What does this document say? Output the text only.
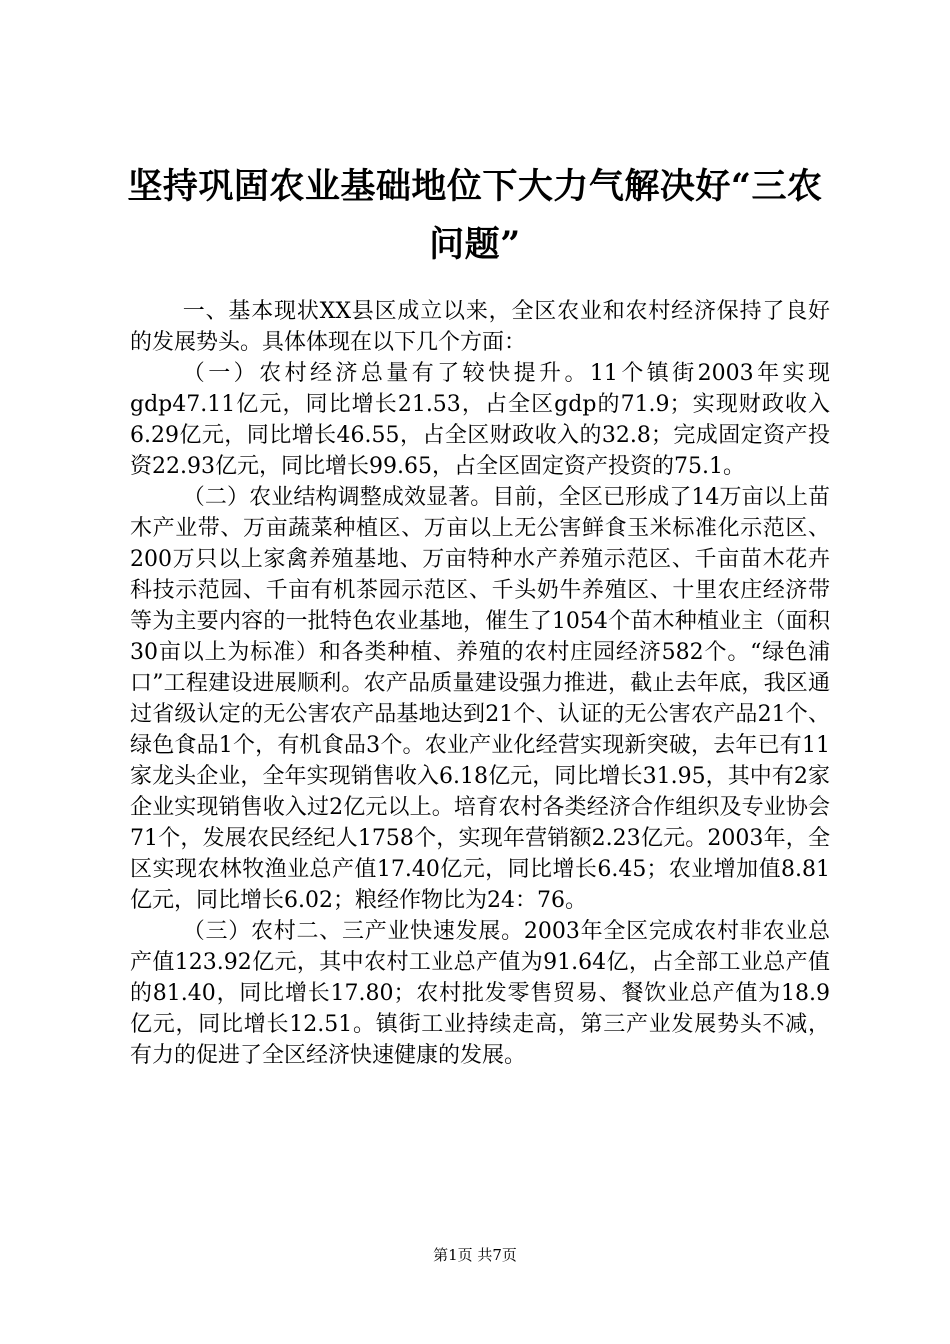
坚持巩固农业基础地位下大力气解决好“三农
问题”

一、基本现状XX县区成立以来，全区农业和农村经济保持了良好的发展势头。具体体现在以下几个方面：

（一）农村经济总量有了较快提升。11个镇街2003年实现gdp47.11亿元，同比增长21.53，占全区gdp的71.9；实现财政收入6.29亿元，同比增长46.55，占全区财政收入的32.8；完成固定资产投资22.93亿元，同比增长99.65，占全区固定资产投资的75.1。

（二）农业结构调整成效显著。目前，全区已形成了14万亩以上苗木产业带、万亩蔬菜种植区、万亩以上无公害鲜食玉米标准化示范区、200万只以上家禽养殖基地、万亩特种水产养殖示范区、千亩苗木花卉科技示范园、千亩有机茶园示范区、千头奶牛养殖区、十里农庄经济带等为主要内容的一批特色农业基地，催生了1054个苗木种植业主（面积30亩以上为标准）和各类种植、养殖的农村庄园经济582个。“绿色浦口”工程建设进展顺利。农产品质量建设强力推进，截止去年底，我区通过省级认定的无公害农产品基地达到21个、认证的无公害农产品21个、绿色食品1个，有机食品3个。农业产业化经营实现新突破，去年已有11家龙头企业，全年实现销售收入6.18亿元，同比增长31.95，其中有2家企业实现销售收入过2亿元以上。培育农村各类经济合作组织及专业协会71个，发展农民经纪人1758个，实现年营销额2.23亿元。2003年，全区实现农林牧渔业总产值17.40亿元，同比增长6.45；农业增加值8.81亿元，同比增长6.02；粮经作物比为24：76。

（三）农村二、三产业快速发展。2003年全区完成农村非农业总产值123.92亿元，其中农村工业总产值为91.64亿，占全部工业总产值的81.40，同比增长17.80；农村批发零售贸易、餐饮业总产值为18.9亿元，同比增长12.51。镇街工业持续走高，第三产业发展势头不减，有力的促进了全区经济快速健康的发展。

第1页 共7页
